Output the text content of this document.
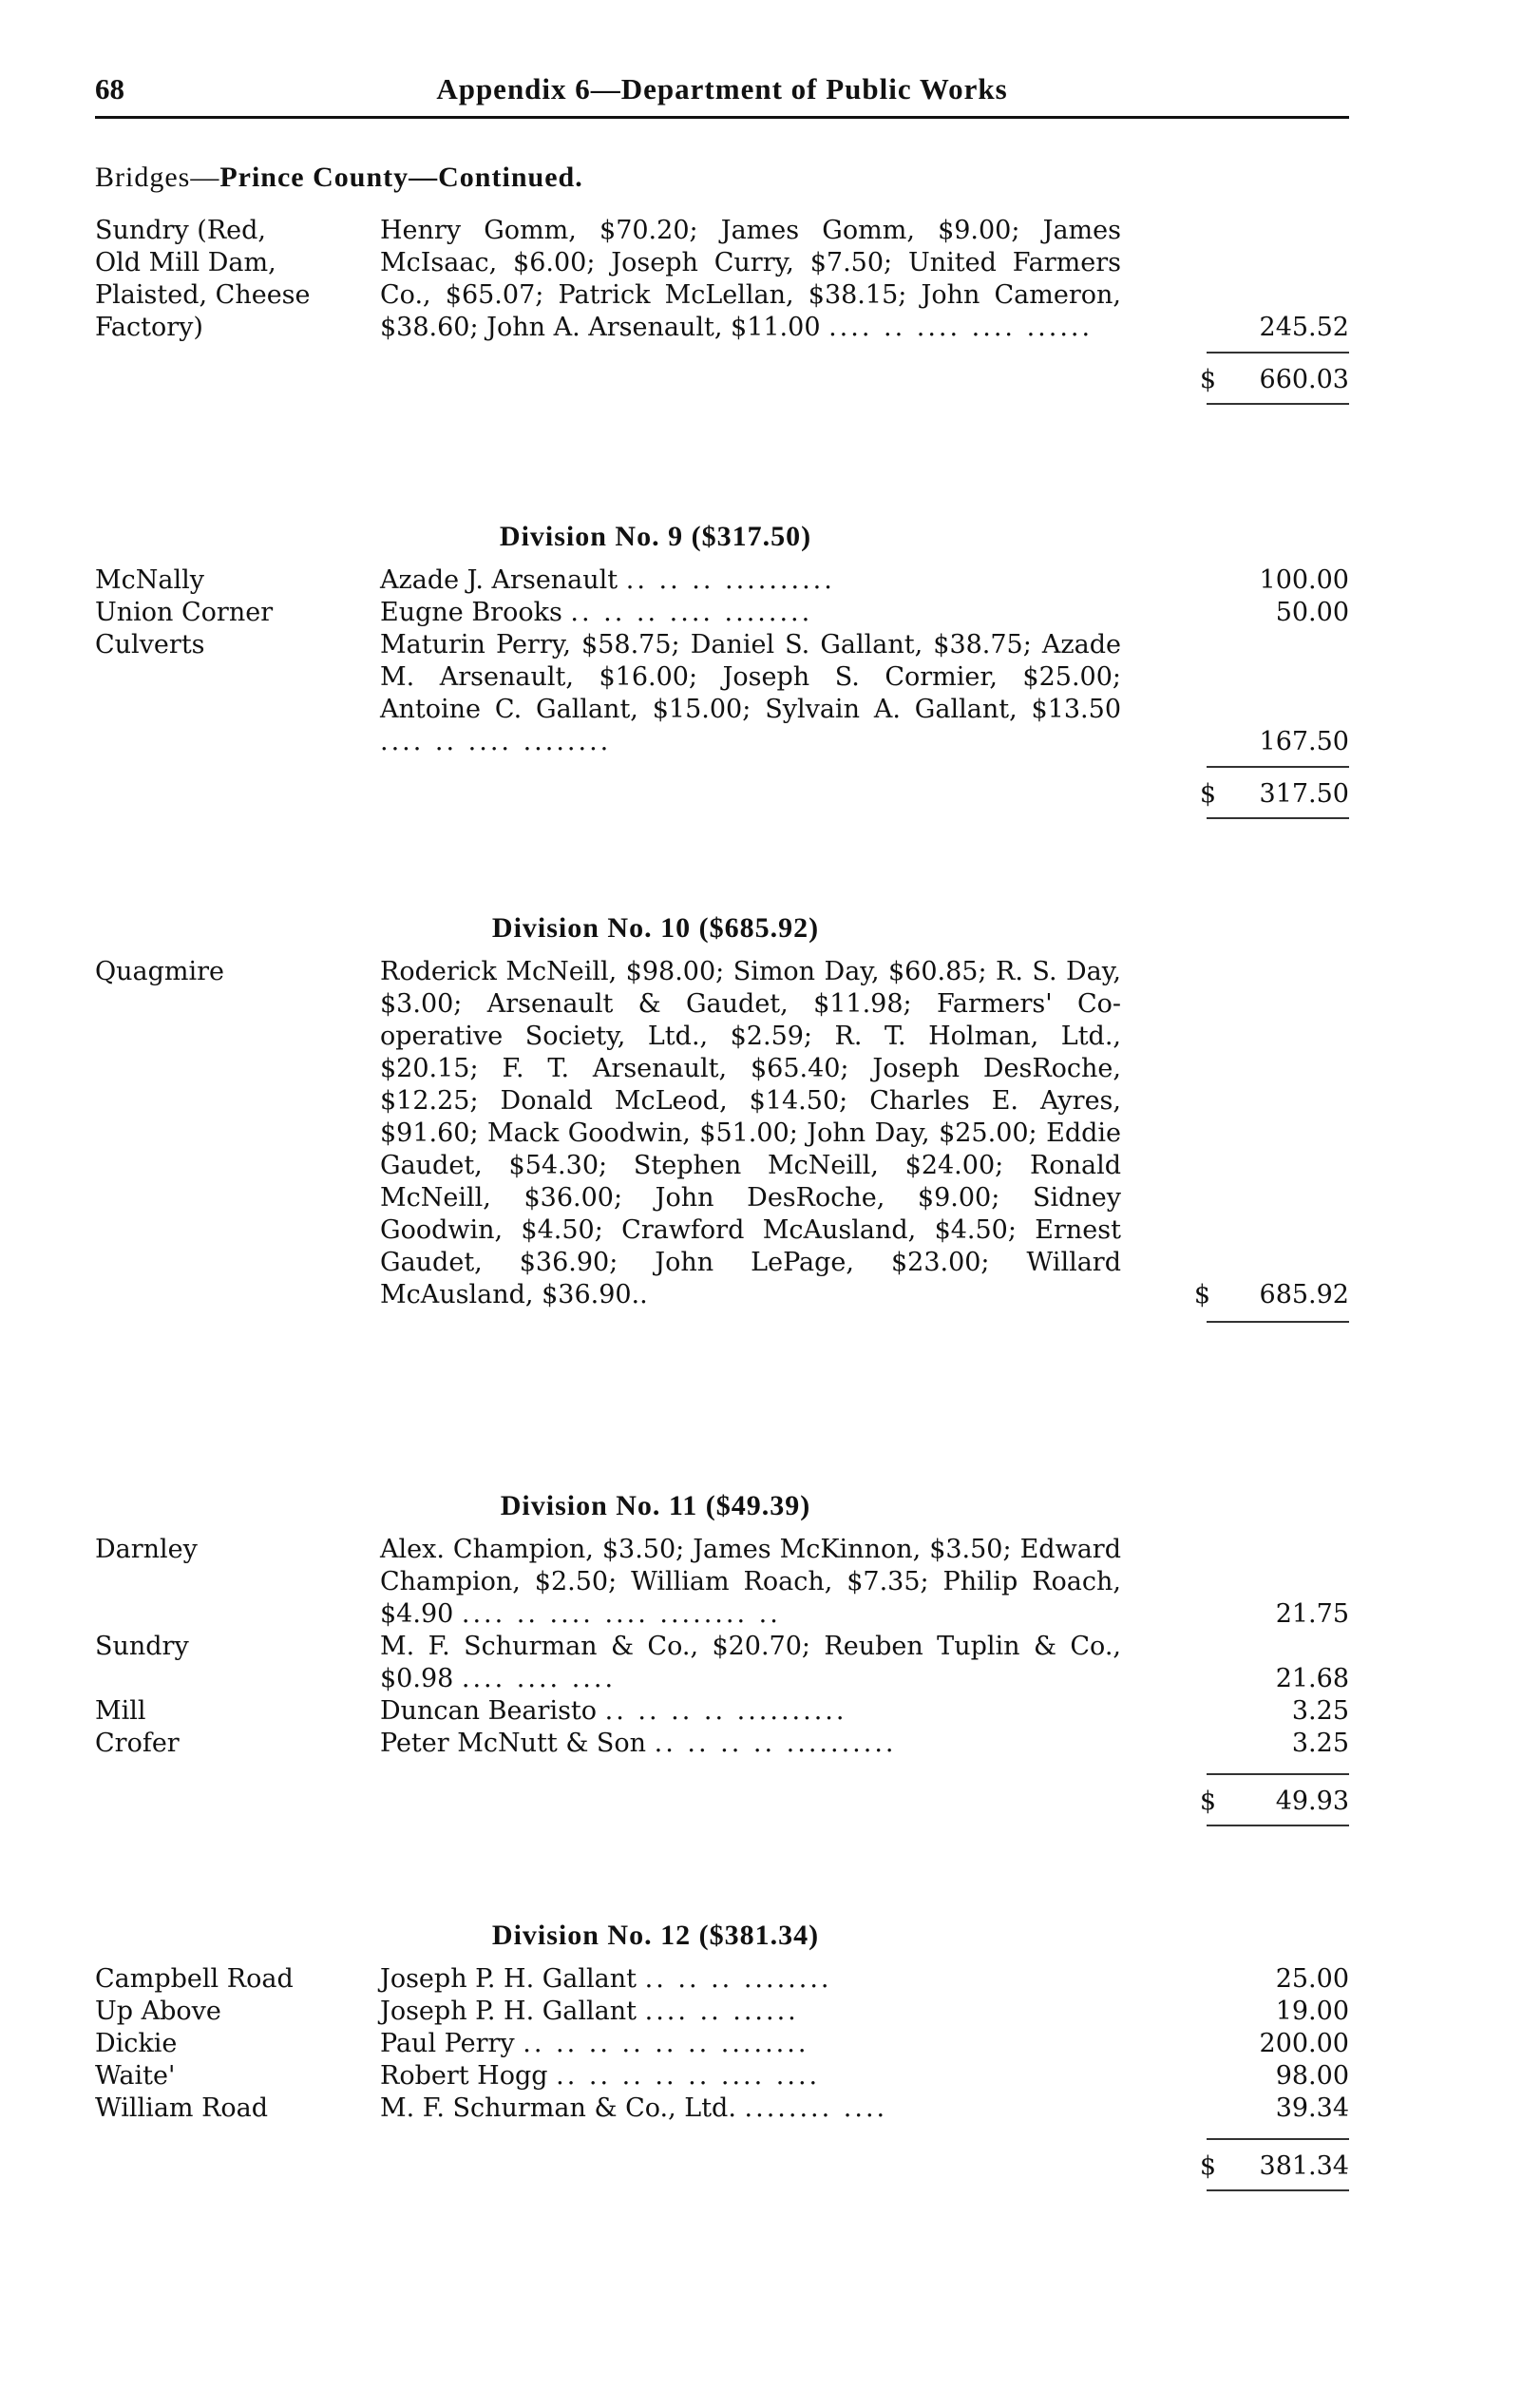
68	Appendix 6—Department of Public Works
Bridges—Prince County—Continued.
Sundry (Red,
Old Mill Dam,
Plaisted, Cheese
Factory)
Henry Gomm, $70.20; James Gomm, $9.00; James McIsaac, $6.00; Joseph Curry, $7.50; United Farmers Co., $65.07; Patrick McLellan, $38.15; John Cameron, $38.60; John A. Arsenault, $11.00 .... .. .... .... ......	245.52
$ 660.03
Division No. 9 ($317.50)
McNally	Azade J. Arsenault .. .. .. ..........	100.00
Union Corner	Eugne Brooks .. .. .. .... ........	50.00
Culverts	Maturin Perry, $58.75; Daniel S. Gallant, $38.75; Azade M. Arsenault, $16.00; Joseph S. Cormier, $25.00; Antoine C. Gallant, $15.00; Sylvain A. Gallant, $13.50 .... .. .... ........	167.50
$ 317.50
Division No. 10 ($685.92)
Quagmire	Roderick McNeill, $98.00; Simon Day, $60.85; R. S. Day, $3.00; Arsenault & Gaudet, $11.98; Farmers' Co-operative Society, Ltd., $2.59; R. T. Holman, Ltd., $20.15; F. T. Arsenault, $65.40; Joseph DesRoche, $12.25; Donald McLeod, $14.50; Charles E. Ayres, $91.60; Mack Goodwin, $51.00; John Day, $25.00; Eddie Gaudet, $54.30; Stephen McNeill, $24.00; Ronald McNeill, $36.00; John DesRoche, $9.00; Sidney Goodwin, $4.50; Crawford McAusland, $4.50; Ernest Gaudet, $36.90; John LePage, $23.00; Willard McAusland, $36.90..	$ 685.92
Division No. 11 ($49.39)
Darnley	Alex. Champion, $3.50; James McKinnon, $3.50; Edward Champion, $2.50; William Roach, $7.35; Philip Roach, $4.90 .... .. .... .... ........ ..	21.75
Sundry	M. F. Schurman & Co., $20.70; Reuben Tuplin & Co., $0.98 .... .... ....	21.68
Mill	Duncan Bearisto .. .. .. .. ..........	3.25
Crofer	Peter McNutt & Son .. .. .. .. ..........	3.25
$ 49.93
Division No. 12 ($381.34)
Campbell Road	Joseph P. H. Gallant .. .. .. ........	25.00
Up Above	Joseph P. H. Gallant .... .. ......	19.00
Dickie	Paul Perry .. .. .. .. .. .. ........	200.00
Waite'	Robert Hogg .. .. .. .. .. .... ....	98.00
William Road	M. F. Schurman & Co., Ltd. ........ ....	39.34
$ 381.34
